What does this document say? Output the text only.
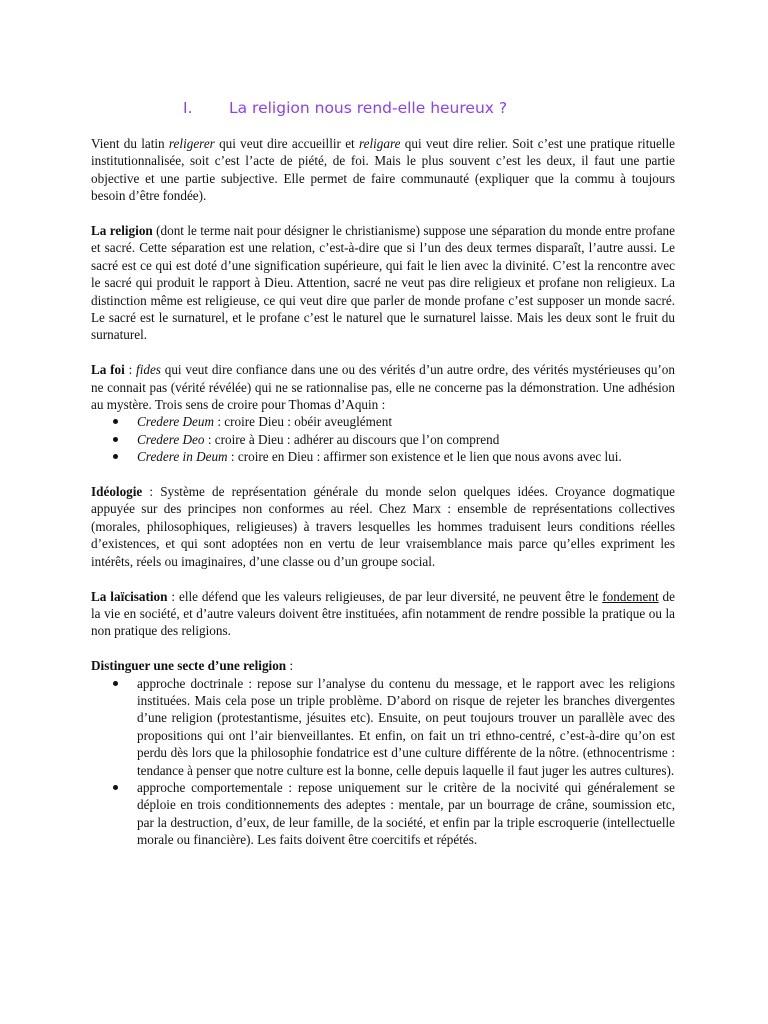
I. La religion nous rend-elle heureux ?

Vient du latin religerer qui veut dire accueillir et religare qui veut dire relier. Soit c’est une pratique rituelle institutionnalisée, soit c’est l’acte de piété, de foi. Mais le plus souvent c’est les deux, il faut une partie objective et une partie subjective. Elle permet de faire communauté (expliquer que la commu à toujours besoin d’être fondée).

La religion (dont le terme nait pour désigner le christianisme) suppose une séparation du monde entre profane et sacré. Cette séparation est une relation, c’est-à-dire que si l’un des deux termes disparaît, l’autre aussi. Le sacré est ce qui est doté d’une signification supérieure, qui fait le lien avec la divinité. C’est la rencontre avec le sacré qui produit le rapport à Dieu. Attention, sacré ne veut pas dire religieux et profane non religieux. La distinction même est religieuse, ce qui veut dire que parler de monde profane c’est supposer un monde sacré. Le sacré est le surnaturel, et le profane c’est le naturel que le surnaturel laisse. Mais les deux sont le fruit du surnaturel.

La foi : fides qui veut dire confiance dans une ou des vérités d’un autre ordre, des vérités mystérieuses qu’on ne connait pas (vérité révélée) qui ne se rationnalise pas, elle ne concerne pas la démonstration. Une adhésion au mystère. Trois sens de croire pour Thomas d’Aquin :

Credere Deum : croire Dieu : obéir aveuglément
Credere Deo : croire à Dieu : adhérer au discours que l’on comprend
Credere in Deum : croire en Dieu : affirmer son existence et le lien que nous avons avec lui.

Idéologie : Système de représentation générale du monde selon quelques idées. Croyance dogmatique appuyée sur des principes non conformes au réel. Chez Marx : ensemble de représentations collectives (morales, philosophiques, religieuses) à travers lesquelles les hommes traduisent leurs conditions réelles d’existences, et qui sont adoptées non en vertu de leur vraisemblance mais parce qu’elles expriment les intérêts, réels ou imaginaires, d’une classe ou d’un groupe social.

La laïcisation : elle défend que les valeurs religieuses, de par leur diversité, ne peuvent être le fondement de la vie en société, et d’autre valeurs doivent être instituées, afin notamment de rendre possible la pratique ou la non pratique des religions.

Distinguer une secte d’une religion :

approche doctrinale : repose sur l’analyse du contenu du message, et le rapport avec les religions instituées. Mais cela pose un triple problème. D’abord on risque de rejeter les branches divergentes d’une religion (protestantisme, jésuites etc). Ensuite, on peut toujours trouver un parallèle avec des propositions qui ont l’air bienveillantes. Et enfin, on fait un tri ethno-centré, c’est-à-dire qu’on est perdu dès lors que la philosophie fondatrice est d’une culture différente de la nôtre. (ethnocentrisme : tendance à penser que notre culture est la bonne, celle depuis laquelle il faut juger les autres cultures).
approche comportementale : repose uniquement sur le critère de la nocivité qui généralement se déploie en trois conditionnements des adeptes : mentale, par un bourrage de crâne, soumission etc, par la destruction, d’eux, de leur famille, de la société, et enfin par la triple escroquerie (intellectuelle morale ou financière). Les faits doivent être coercitifs et répétés.
